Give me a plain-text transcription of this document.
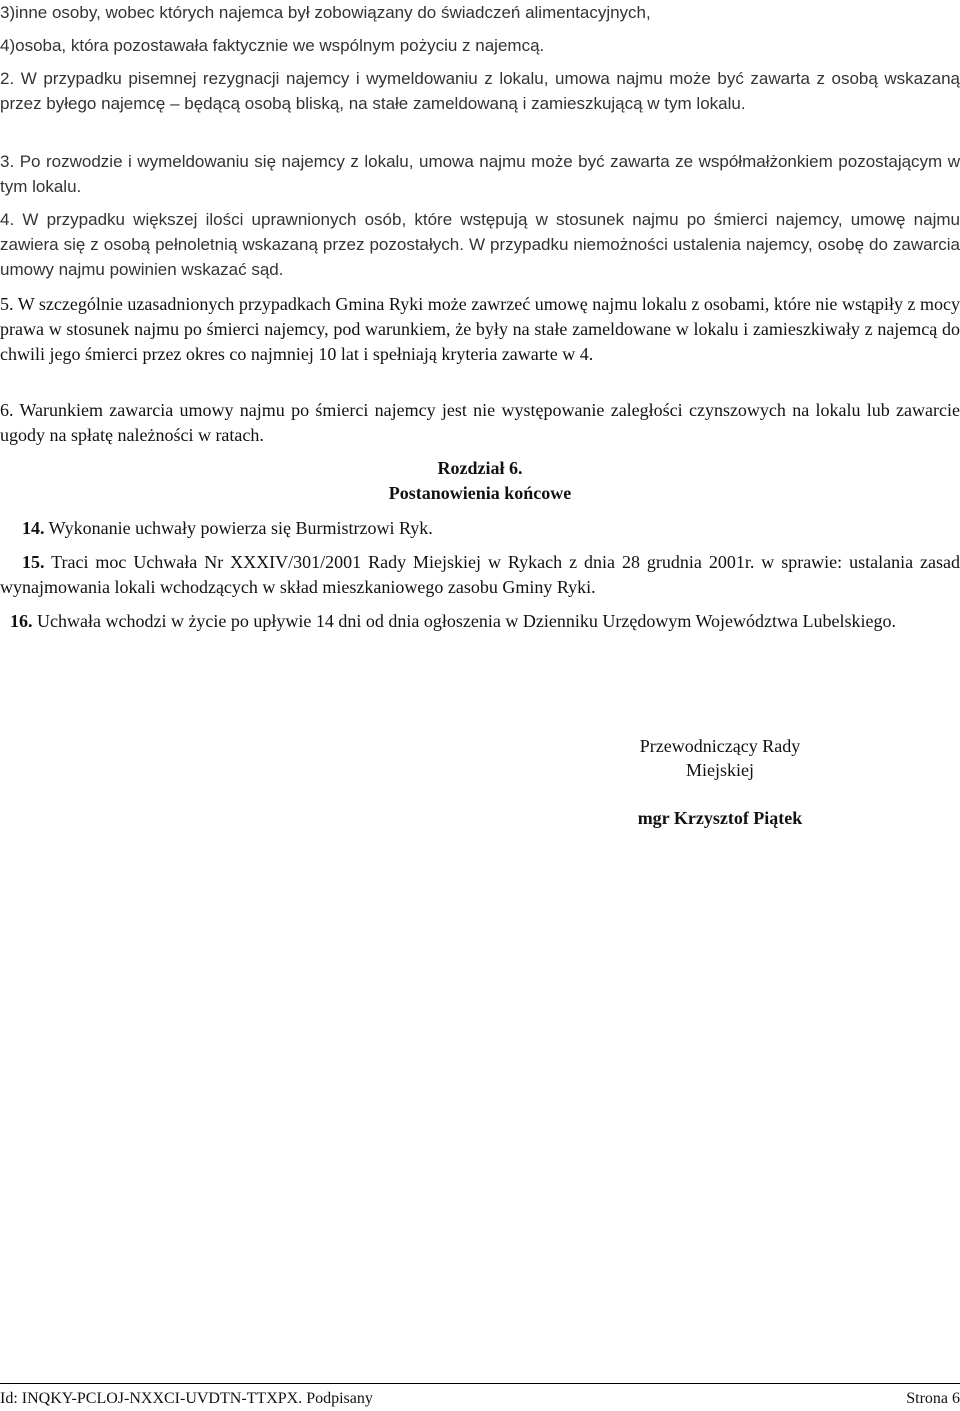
3)inne osoby, wobec których najemca był zobowiązany do świadczeń alimentacyjnych,

4)osoba, która pozostawała faktycznie we wspólnym pożyciu z najemcą.

2. W przypadku pisemnej rezygnacji najemcy i wymeldowaniu z lokalu, umowa najmu może być zawarta z osobą wskazaną przez byłego najemcę – będącą osobą bliską, na stałe zameldowaną i zamieszkującą w tym lokalu.

3. Po rozwodzie i wymeldowaniu się najemcy z lokalu, umowa najmu może być zawarta ze współmałżonkiem pozostającym w tym lokalu.

4. W przypadku większej ilości uprawnionych osób, które wstępują w stosunek najmu po śmierci najemcy, umowę najmu zawiera się z osobą pełnoletnią wskazaną przez pozostałych. W przypadku niemożności ustalenia najemcy, osobę do zawarcia umowy najmu powinien wskazać sąd.

5. W szczególnie uzasadnionych przypadkach Gmina Ryki może zawrzeć umowę najmu lokalu z osobami, które nie wstąpiły z mocy prawa w stosunek najmu po śmierci najemcy, pod warunkiem, że były na stałe zameldowane w lokalu i zamieszkiwały z najemcą do chwili jego śmierci przez okres co najmniej 10 lat i spełniają kryteria zawarte w 4.

6. Warunkiem zawarcia umowy najmu po śmierci najemcy jest nie występowanie zaległości czynszowych na lokalu lub zawarcie ugody na spłatę należności w ratach.

Rozdział 6.

Postanowienia końcowe

14. Wykonanie uchwały powierza się Burmistrzowi Ryk.

15. Traci moc Uchwała Nr XXXIV/301/2001 Rady Miejskiej w Rykach z dnia 28 grudnia 2001r. w sprawie: ustalania zasad wynajmowania lokali wchodzących w skład mieszkaniowego zasobu Gminy Ryki.

16. Uchwała wchodzi w życie po upływie 14 dni od dnia ogłoszenia w Dzienniku Urzędowym Województwa Lubelskiego.

Przewodniczący Rady
Miejskiej
mgr Krzysztof Piątek
Id: INQKY-PCLOJ-NXXCI-UVDTN-TTXPX. Podpisany	Strona 6
